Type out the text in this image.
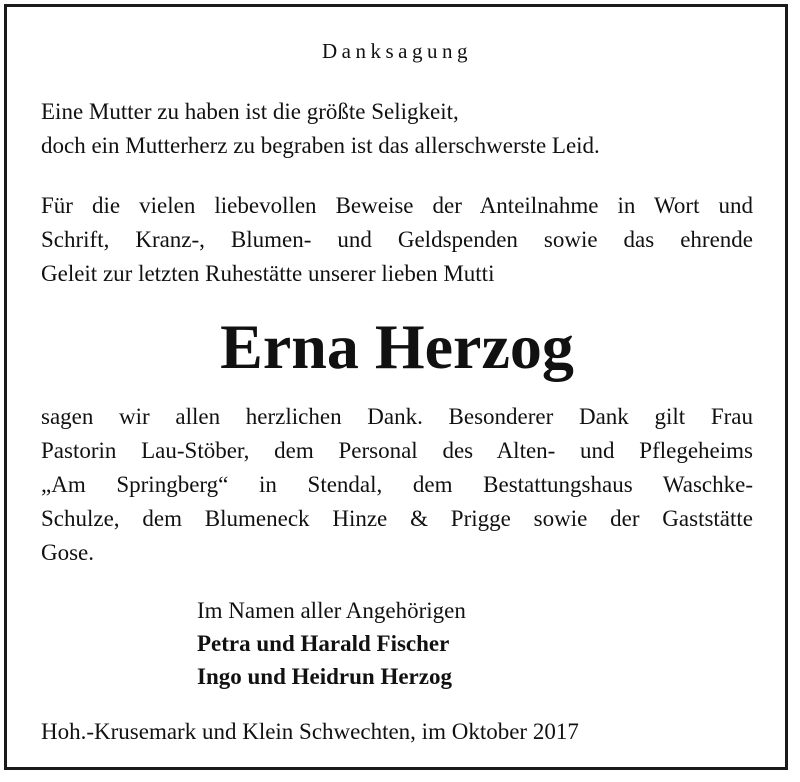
Danksagung
Eine Mutter zu haben ist die größte Seligkeit,
doch ein Mutterherz zu begraben ist das allerschwerste Leid.
Für die vielen liebevollen Beweise der Anteilnahme in Wort und
Schrift, Kranz-, Blumen- und Geldspenden sowie das ehrende
Geleit zur letzten Ruhestätte unserer lieben Mutti
Erna Herzog
sagen wir allen herzlichen Dank. Besonderer Dank gilt Frau
Pastorin Lau-Stöber, dem Personal des Alten- und Pflegeheims
„Am Springberg“ in Stendal, dem Bestattungshaus Waschke-
Schulze, dem Blumeneck Hinze & Prigge sowie der Gaststätte
Gose.
Im Namen aller Angehörigen
Petra und Harald Fischer
Ingo und Heidrun Herzog
Hoh.-Krusemark und Klein Schwechten, im Oktober 2017
